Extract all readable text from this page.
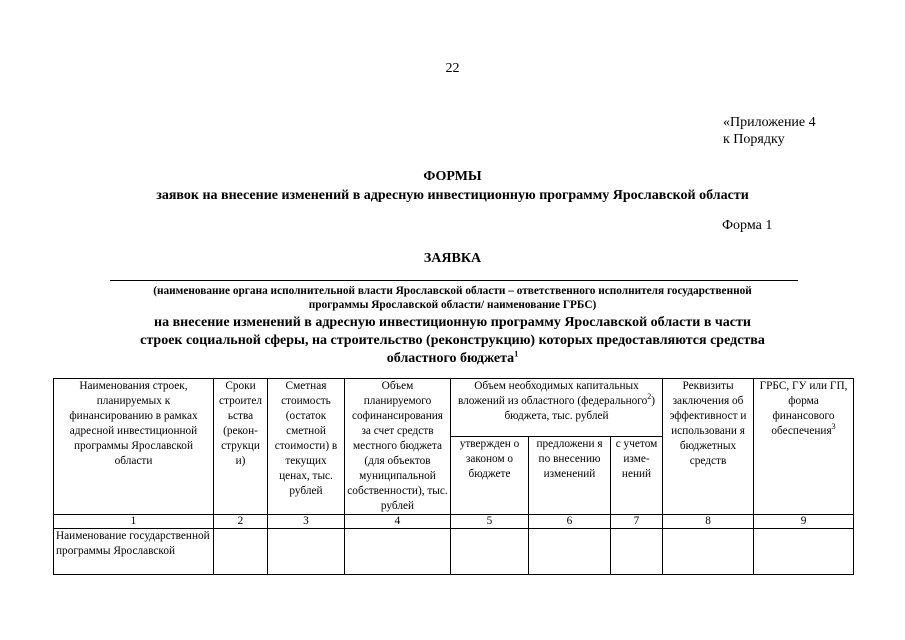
22
«Приложение 4
к Порядку
ФОРМЫ
заявок на внесение изменений в адресную инвестиционную программу Ярославской области
Форма 1
ЗАЯВКА
(наименование органа исполнительной власти Ярославской области – ответственного исполнителя государственной
программы Ярославской области/ наименование ГРБС)
на внесение изменений в адресную инвестиционную программу Ярославской области в части
строек социальной сферы, на строительство (реконструкцию) которых предоставляются средства
областного бюджета$^1$
Наименования строек, планируемых к финансированию в рамках адресной инвестиционной программы Ярославской области	Сроки строител ьства (рекон-струкци и)	Сметная стоимость (остаток сметной стоимости) в текущих ценах, тыс. рублей	Объем планируемого софинансирования за счет средств местного бюджета (для объектов муниципальной собственности), тыс. рублей	Объем необходимых капитальных вложений из областного (федерального$^2$) бюджета, тыс. рублей			Реквизиты заключения об эффективност и использовани я бюджетных средств	ГРБС, ГУ или ГП, форма финансового обеспечения$^3$
				утвержден о законом о бюджете	предложени я по внесению изменений	с учетом изме-нений		
1	2	3	4	5	6	7	8	9
Наименование государственной программы Ярославской								
